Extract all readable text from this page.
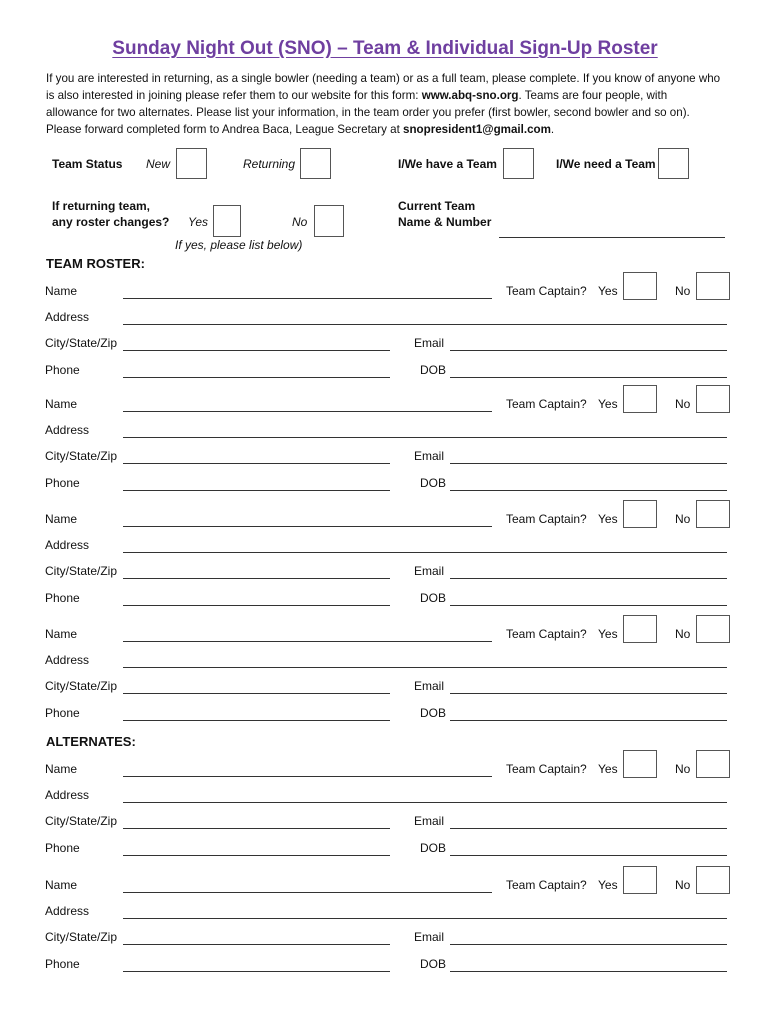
Sunday Night Out (SNO) – Team & Individual Sign-Up Roster
If you are interested in returning, as a single bowler (needing a team) or as a full team, please complete. If you know of anyone who
is also interested in joining please refer them to our website for this form: www.abq-sno.org. Teams are four people, with
allowance for two alternates. Please list your information, in the team order you prefer (first bowler, second bowler and so on).
Please forward completed form to Andrea Baca, League Secretary at snopresident1@gmail.com.
Team Status New	Returning	I/We have a Team	I/We need a Team
If returning team,
any roster changes? Yes	No
If yes, please list below)
Current Team
Name & Number
TEAM ROSTER:
ALTERNATES:
Name	Team Captain? Yes	No
Address
City/State/Zip	Email
Phone	DOB
Name	Team Captain? Yes	No
Address
City/State/Zip	Email
Phone	DOB
Name	Team Captain? Yes	No
Address
City/State/Zip	Email
Phone	DOB
Name	Team Captain? Yes	No
Address
City/State/Zip	Email
Phone	DOB
Name	Team Captain? Yes	No
Address
City/State/Zip	Email
Phone	DOB
Name	Team Captain? Yes	No
Address
City/State/Zip	Email
Phone	DOB
